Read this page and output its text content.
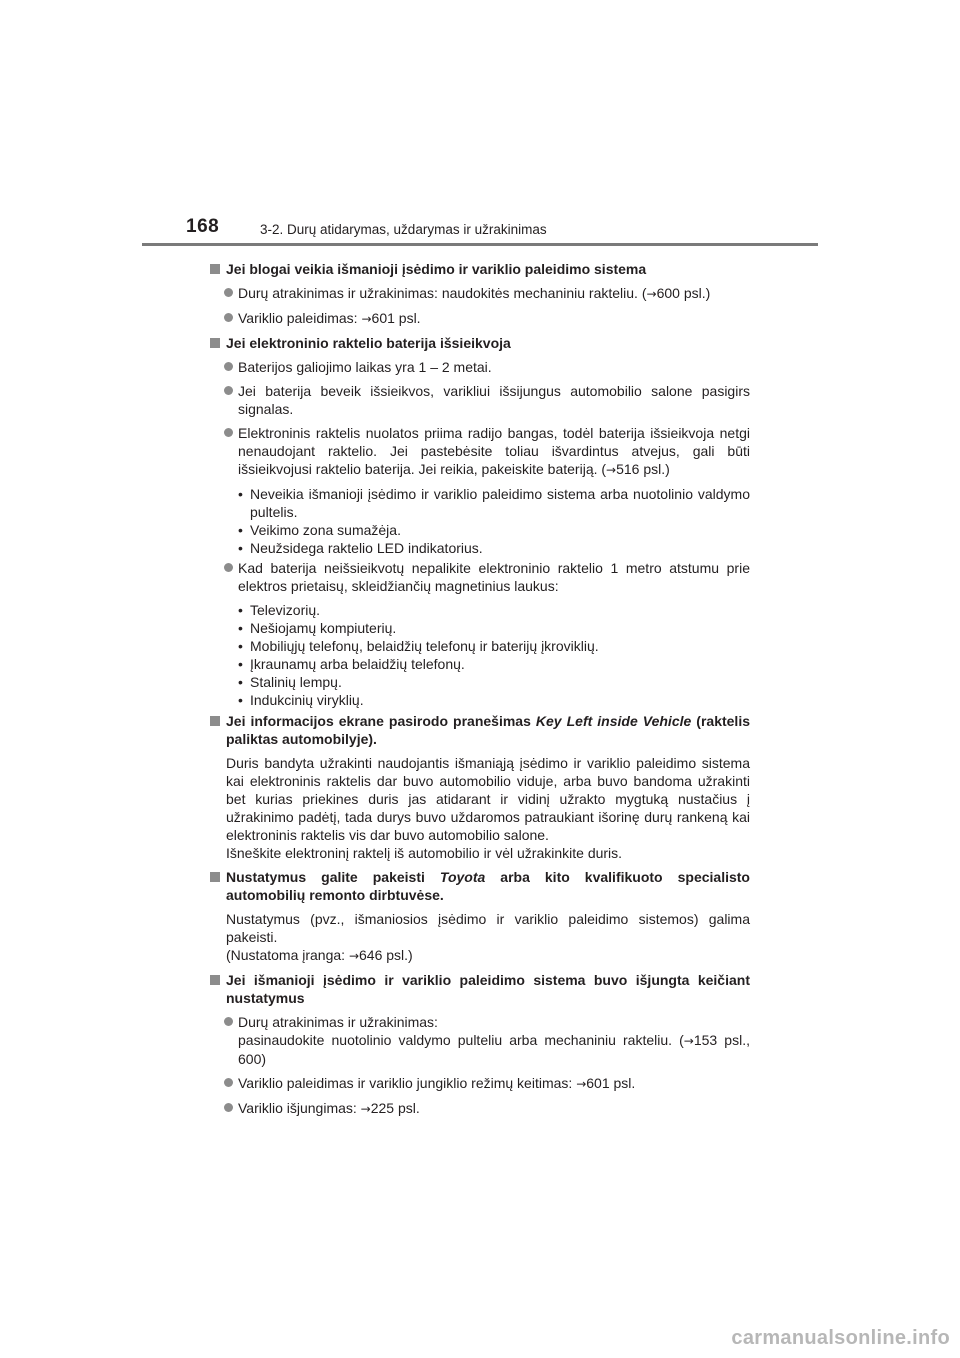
168	3-2. Durų atidarymas, uždarymas ir užrakinimas
Jei blogai veikia išmanioji įsėdimo ir variklio paleidimo sistema
Durų atrakinimas ir užrakinimas: naudokitės mechaniniu rakteliu. (→600 psl.)
Variklio paleidimas: →601 psl.
Jei elektroninio raktelio baterija išsieikvoja
Baterijos galiojimo laikas yra 1 – 2 metai.
Jei baterija beveik išsieikvos, varikliui išsijungus automobilio salone pasigirs signalas.
Elektroninis raktelis nuolatos priima radijo bangas, todėl baterija išsieikvoja netgi nenaudojant raktelio. Jei pastebėsite toliau išvardintus atvejus, gali būti išsieikvojusi raktelio baterija. Jei reikia, pakeiskite bateriją. (→516 psl.)
• Neveikia išmanioji įsėdimo ir variklio paleidimo sistema arba nuotolinio valdymo pultelis.
• Veikimo zona sumažėja.
• Neužsidega raktelio LED indikatorius.
Kad baterija neišsieikvotų nepalikite elektroninio raktelio 1 metro atstumu prie elektros prietaisų, skleidžiančių magnetinius laukus:
• Televizorių.
• Nešiojamų kompiuterių.
• Mobiliųjų telefonų, belaidžių telefonų ir baterijų įkroviklių.
• Įkraunamų arba belaidžių telefonų.
• Stalinių lempų.
• Indukcinių viryklių.
Jei informacijos ekrane pasirodo pranešimas Key Left inside Vehicle (raktelis paliktas automobilyje).
Duris bandyta užrakinti naudojantis išmaniąją įsėdimo ir variklio paleidimo sistema kai elektroninis raktelis dar buvo automobilio viduje, arba buvo bandoma užrakinti bet kurias priekines duris jas atidarant ir vidinį užrakto mygtuką nustačius į užrakinimo padėtį, tada durys buvo uždaromos patraukiant išorinę durų rankeną kai elektroninis raktelis vis dar buvo automobilio salone.
Išneškite elektroninį raktelį iš automobilio ir vėl užrakinkite duris.
Nustatymus galite pakeisti Toyota arba kito kvalifikuoto specialisto automobilių remonto dirbtuvėse.
Nustatymus (pvz., išmaniosios įsėdimo ir variklio paleidimo sistemos) galima pakeisti.
(Nustatoma įranga: →646 psl.)
Jei išmanioji įsėdimo ir variklio paleidimo sistema buvo išjungta keičiant nustatymus
Durų atrakinimas ir užrakinimas:
pasinaudokite nuotolinio valdymo pulteliu arba mechaniniu rakteliu. (→153 psl., 600)
Variklio paleidimas ir variklio jungiklio režimų keitimas: →601 psl.
Variklio išjungimas: →225 psl.
carmanualsonline.info
